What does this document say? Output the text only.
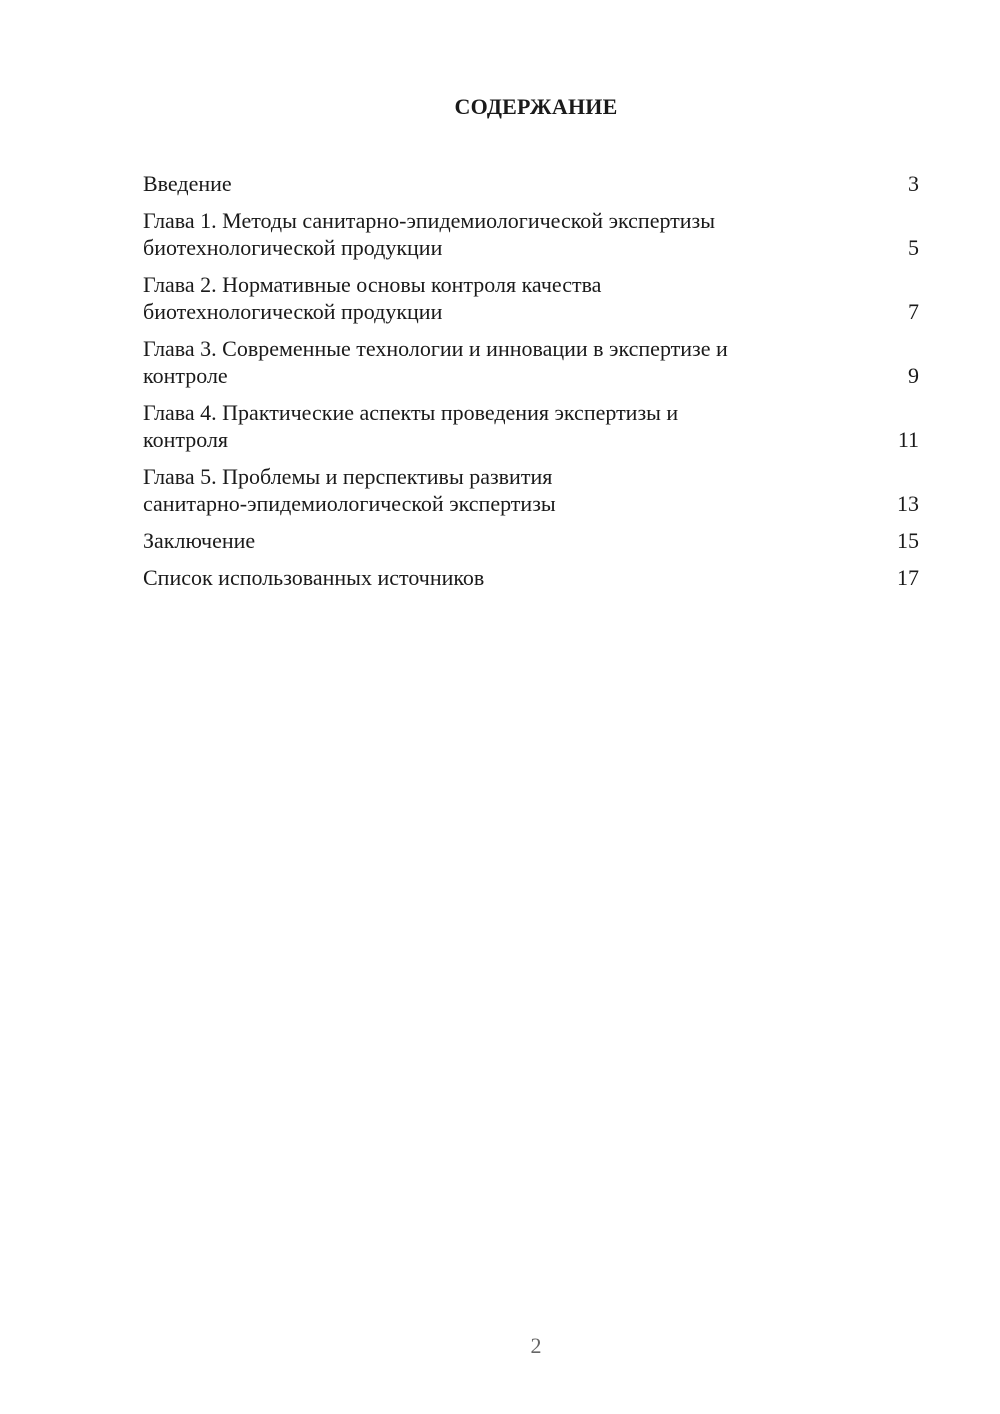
СОДЕРЖАНИЕ
Введение	3
Глава 1. Методы санитарно-эпидемиологической экспертизы
биотехнологической продукции	5
Глава 2. Нормативные основы контроля качества
биотехнологической продукции	7
Глава 3. Современные технологии и инновации в экспертизе и
контроле	9
Глава 4. Практические аспекты проведения экспертизы и
контроля	11
Глава 5. Проблемы и перспективы развития
санитарно-эпидемиологической экспертизы	13
Заключение	15
Список использованных источников	17
2
